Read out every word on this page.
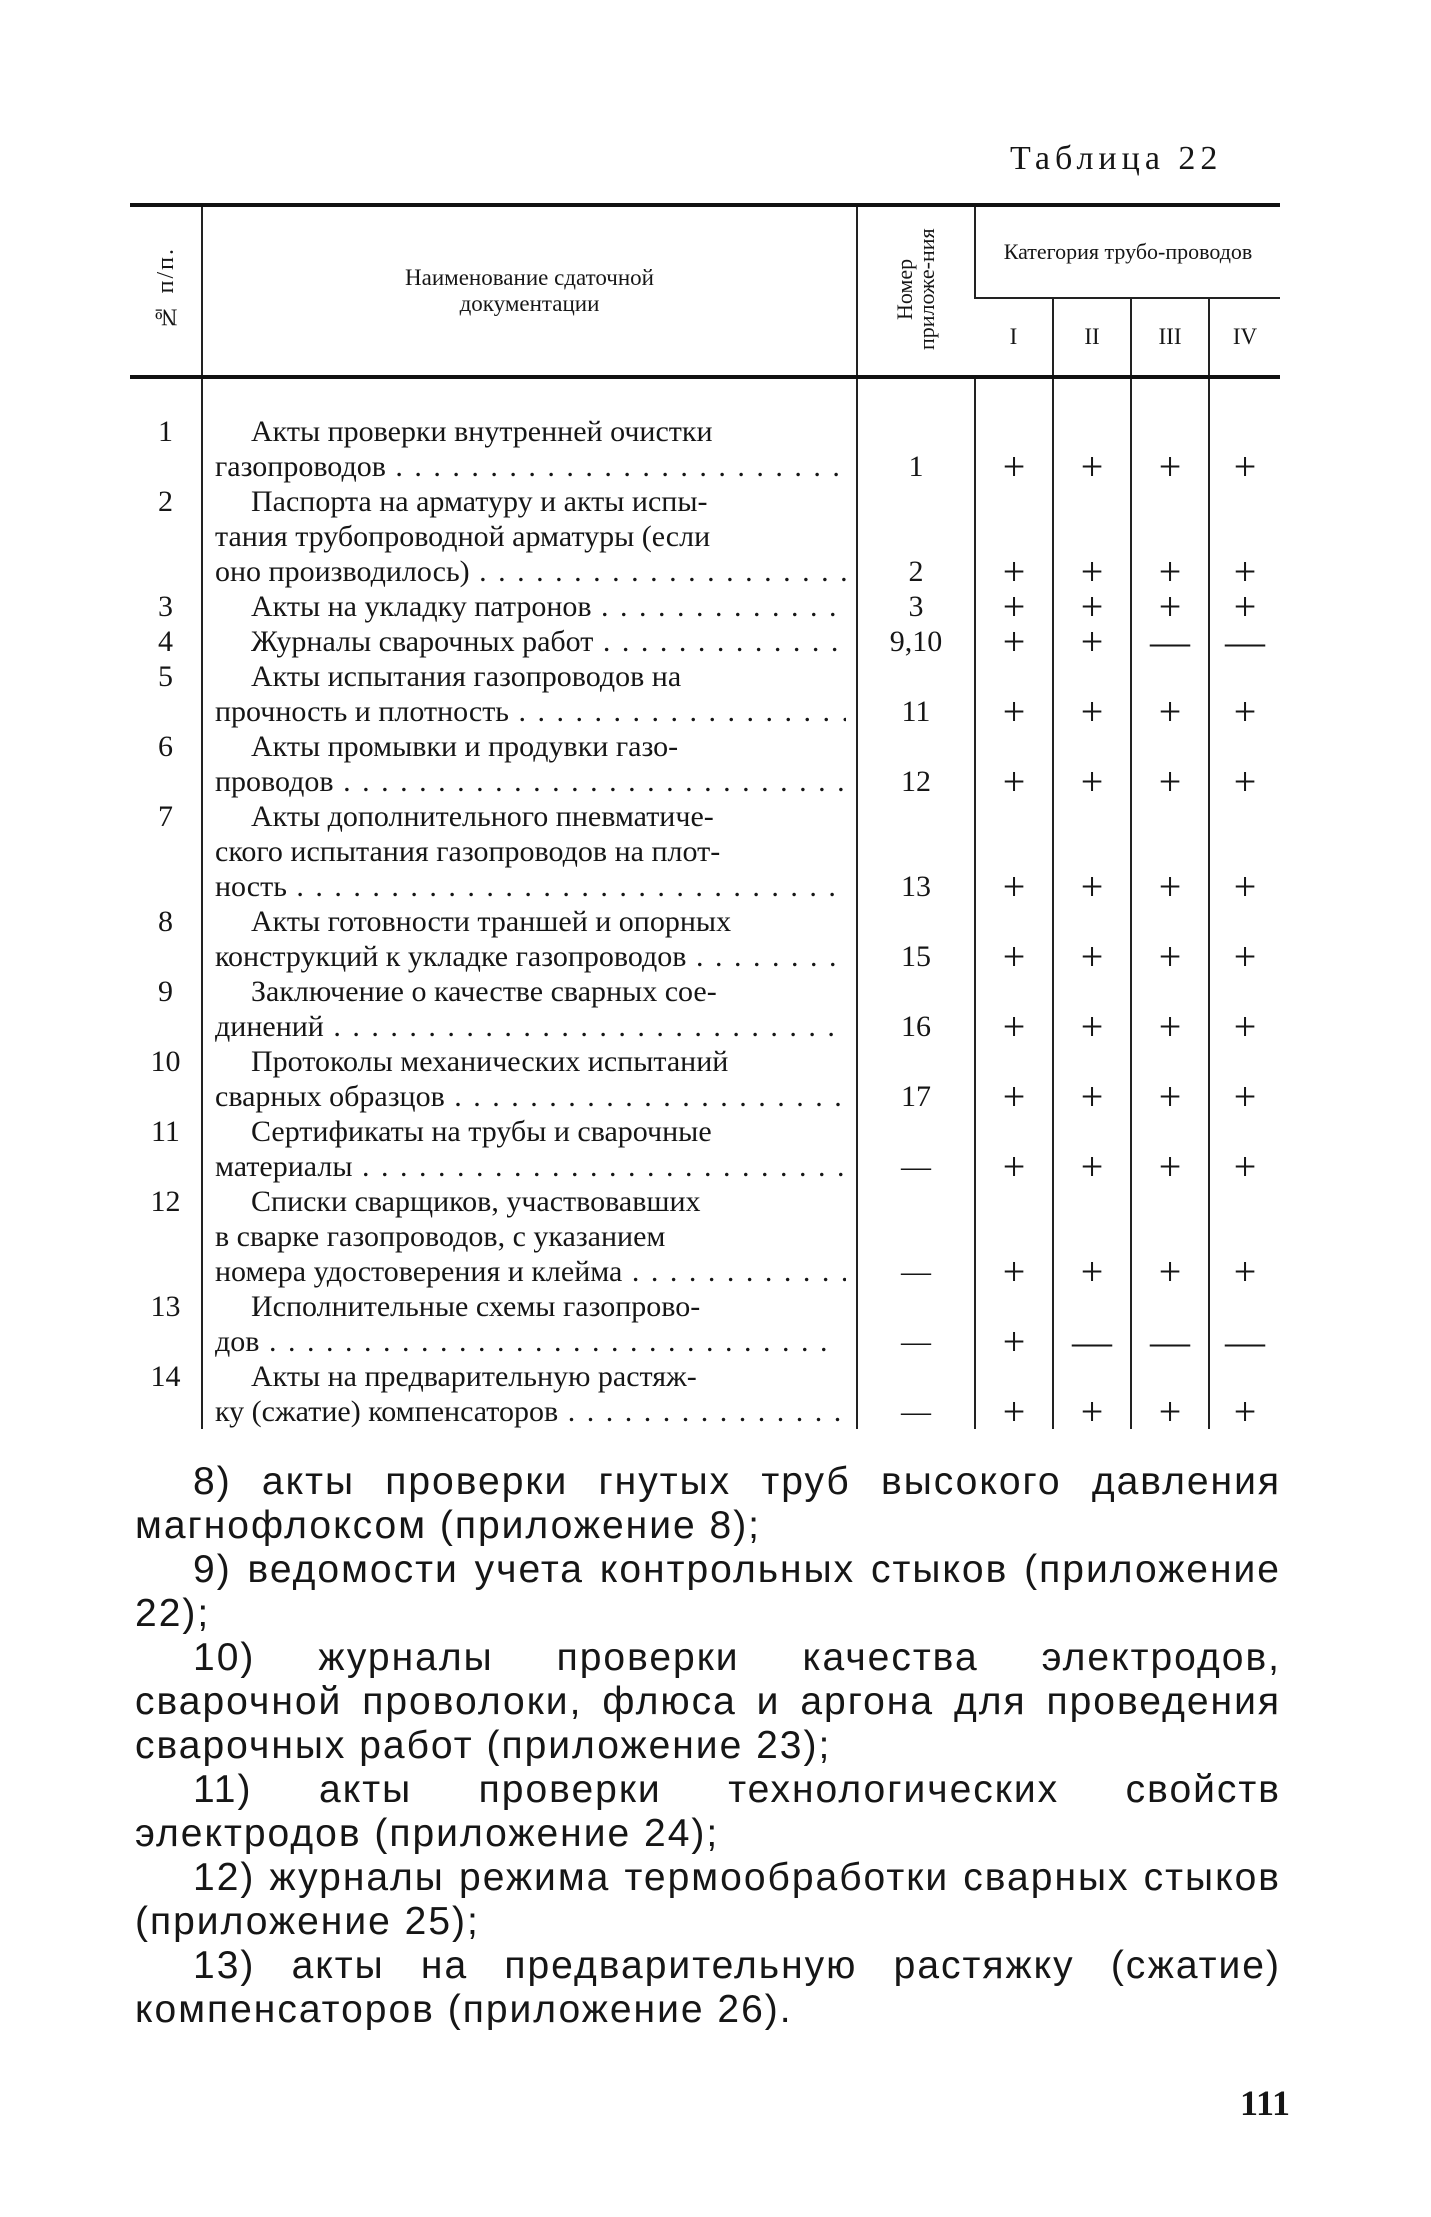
Таблица 22
№ п/п.	Наименование сдаточной документации	Номер приложе-ния	Категория трубо-проводов			
			I	II	III	IV
1	Акты проверки внутренней очистки
газопроводов . . .	1	+	+	+	+
2	Паспорта на арматуру и акты испы-
тания трубопроводной арматуры (если
оно производилось) . . .	2	+	+	+	+
3	Акты на укладку патронов . . .	3	+	+	+	+
4	Журналы сварочных работ . . .	9,10	+	+	—	—
5	Акты испытания газопроводов на
прочность и плотность . . .	11	+	+	+	+
6	Акты промывки и продувки газо-
проводов . . .	12	+	+	+	+
7	Акты дополнительного пневматиче-
ского испытания газопроводов на плот-
ность . . .	13	+	+	+	+
8	Акты готовности траншей и опорных
конструкций к укладке газопроводов . . .	15	+	+	+	+
9	Заключение о качестве сварных сое-
динений . . .	16	+	+	+	+
10	Протоколы механических испытаний
сварных образцов . . .	17	+	+	+	+
11	Сертификаты на трубы и сварочные
материалы . . .	—	+	+	+	+
12	Списки сварщиков, участвовавших
в сварке газопроводов, с указанием
номера удостоверения и клейма . . .	—	+	+	+	+
13	Исполнительные схемы газопрово-
дов . . .	—	+	—	—	—
14	Акты на предварительную растяж-
ку (сжатие) компенсаторов . . .	—	+	+	+	+

8) акты проверки гнутых труб высокого давления магнофлоксом (приложение 8);

9) ведомости учета контрольных стыков (приложение 22);

10) журналы проверки качества электродов, сварочной проволоки, флюса и аргона для проведения сварочных работ (приложение 23);

11) акты проверки технологических свойств электродов (приложение 24);

12) журналы режима термообработки сварных стыков (приложение 25);

13) акты на предварительную растяжку (сжатие) компенсаторов (приложение 26).

111
